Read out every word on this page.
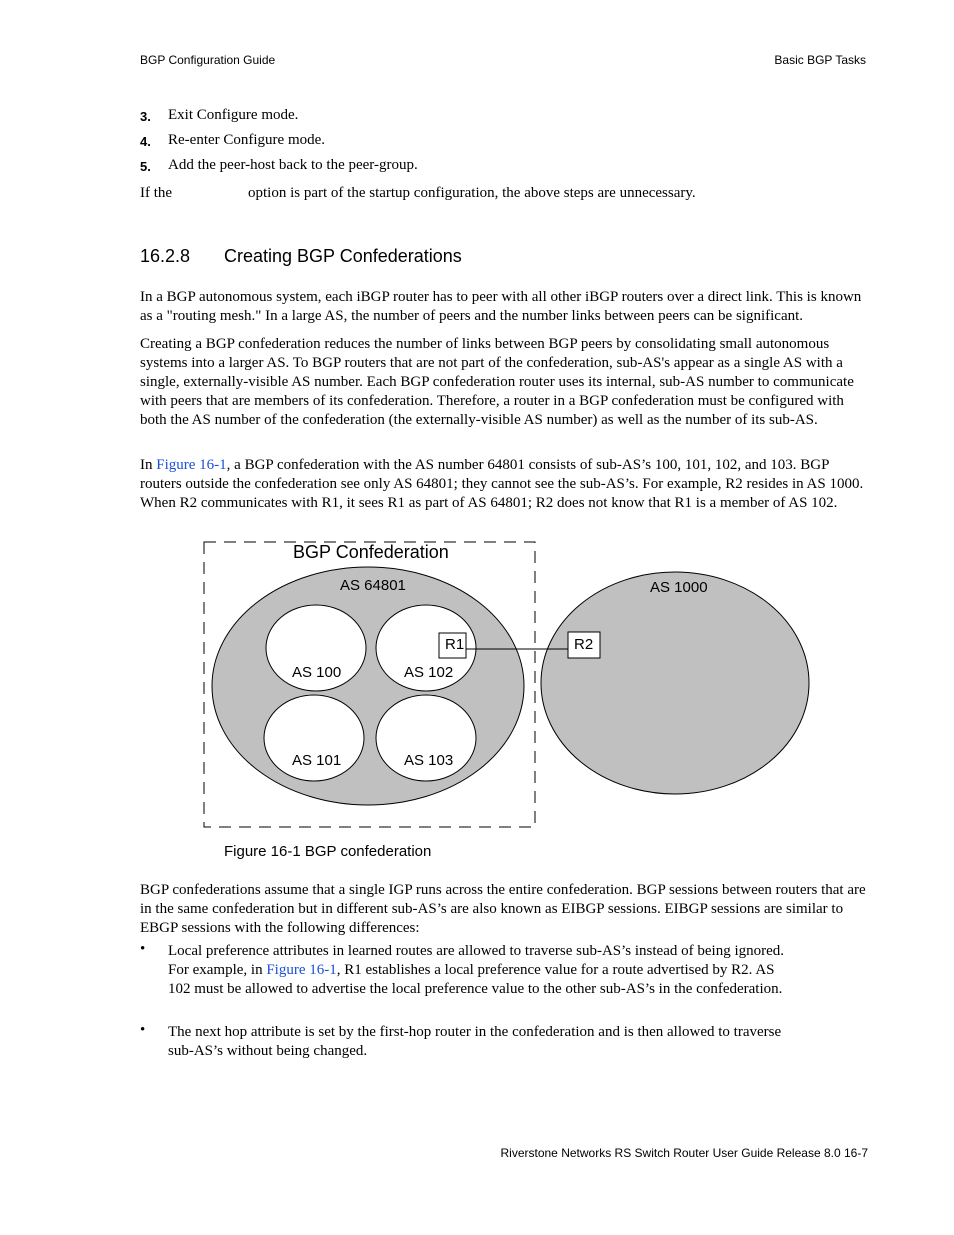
BGP Configuration Guide	Basic BGP Tasks
3. Exit Configure mode.
4. Re-enter Configure mode.
5. Add the peer-host back to the peer-group.
If the	option is part of the startup configuration, the above steps are unnecessary.
16.2.8 Creating BGP Confederations
In a BGP autonomous system, each iBGP router has to peer with all other iBGP routers over a direct link. This is known as a "routing mesh." In a large AS, the number of peers and the number links between peers can be significant.
Creating a BGP confederation reduces the number of links between BGP peers by consolidating small autonomous systems into a larger AS. To BGP routers that are not part of the confederation, sub-AS's appear as a single AS with a single, externally-visible AS number. Each BGP confederation router uses its internal, sub-AS number to communicate with peers that are members of its confederation. Therefore, a router in a BGP confederation must be configured with both the AS number of the confederation (the externally-visible AS number) as well as the number of its sub-AS.
In Figure 16-1, a BGP confederation with the AS number 64801 consists of sub-AS’s 100, 101, 102, and 103. BGP routers outside the confederation see only AS 64801; they cannot see the sub-AS’s. For example, R2 resides in AS 1000. When R2 communicates with R1, it sees R1 as part of AS 64801; R2 does not know that R1 is a member of AS 102.
BGP Confederation
AS 64801	AS 1000
AS 100	AS 102
AS 101	AS 103
R1	R2
Figure 16-1 BGP confederation
BGP confederations assume that a single IGP runs across the entire confederation. BGP sessions between routers that are in the same confederation but in different sub-AS’s are also known as EIBGP sessions. EIBGP sessions are similar to EBGP sessions with the following differences:
• Local preference attributes in learned routes are allowed to traverse sub-AS’s instead of being ignored. For example, in Figure 16-1, R1 establishes a local preference value for a route advertised by R2. AS 102 must be allowed to advertise the local preference value to the other sub-AS’s in the confederation.
• The next hop attribute is set by the first-hop router in the confederation and is then allowed to traverse sub-AS’s without being changed.
Riverstone Networks RS Switch Router User Guide Release 8.0 16-7
